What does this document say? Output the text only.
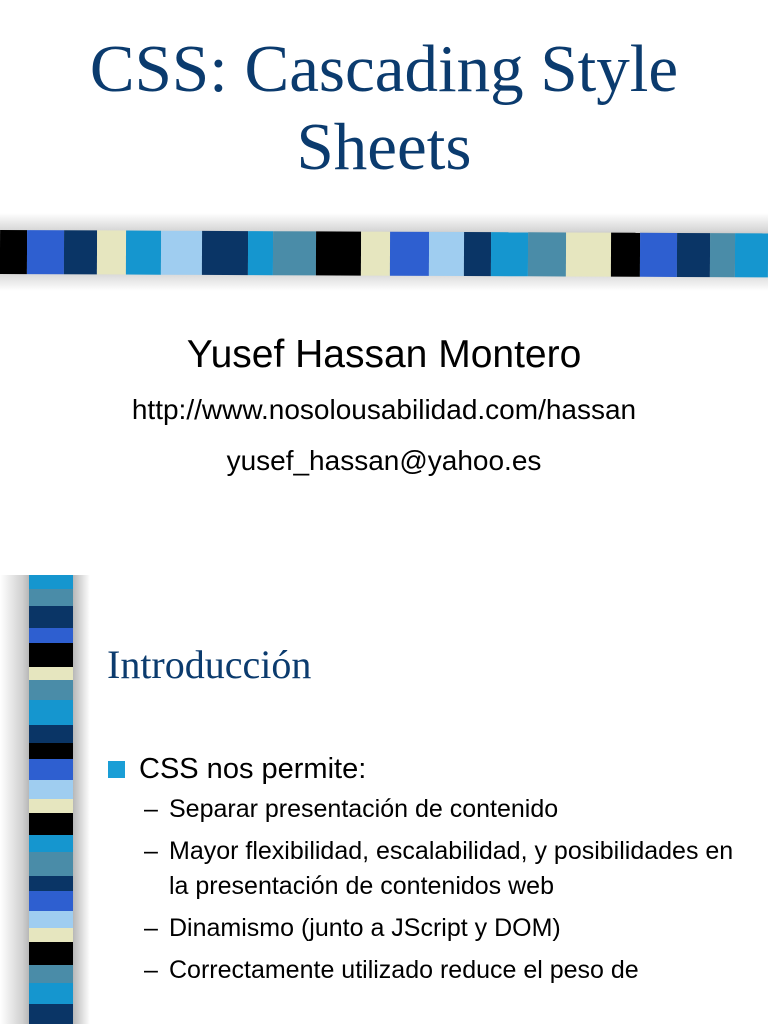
CSS: Cascading Style Sheets

Yusef Hassan Montero

http://www.nosolousabilidad.com/hassan

yusef_hassan@yahoo.es

Introducción
CSS nos permite:
– Separar presentación de contenido
– Mayor flexibilidad, escalabilidad, y posibilidades en la presentación de contenidos web
– Dinamismo (junto a JScript y DOM)
– Correctamente utilizado reduce el peso de
